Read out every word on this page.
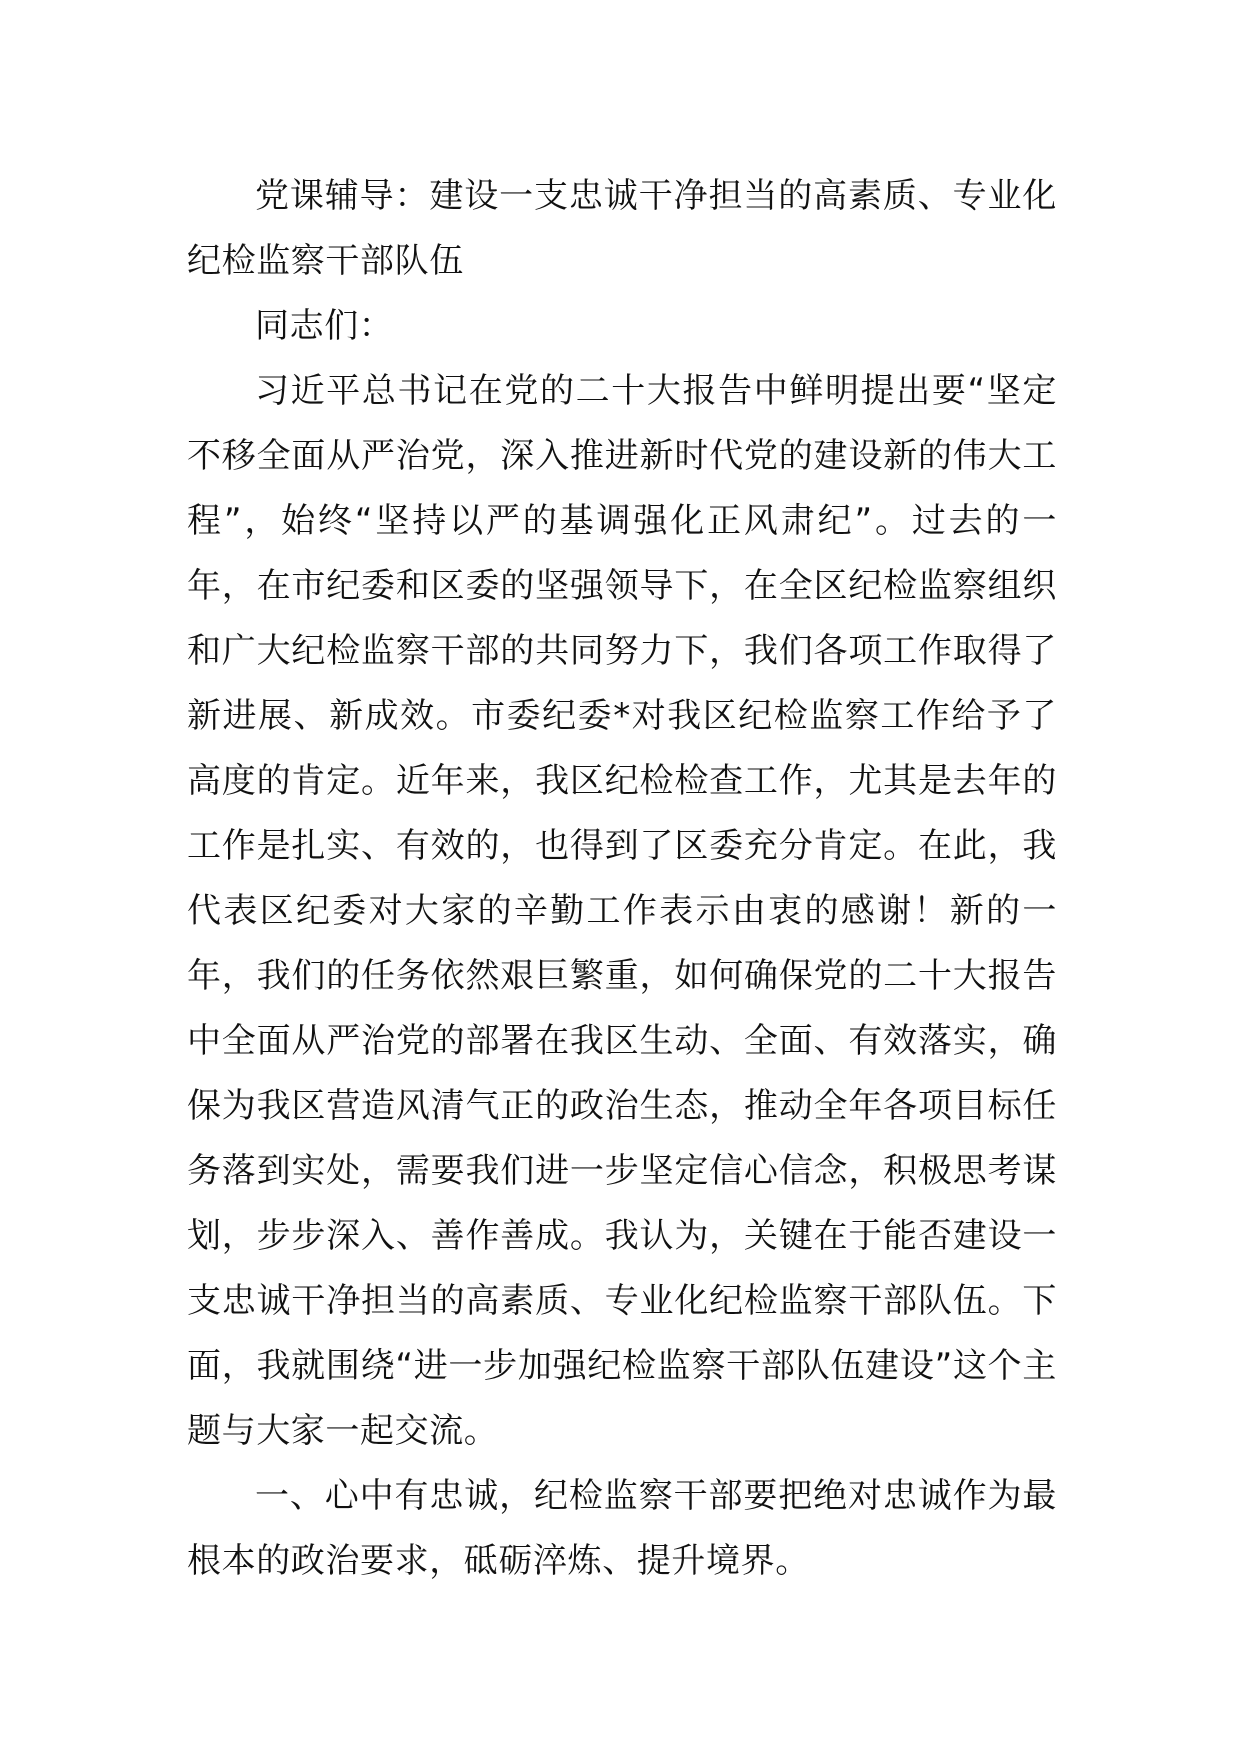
党课辅导：建设一支忠诚干净担当的高素质、专业化纪检监察干部队伍

同志们：

习近平总书记在党的二十大报告中鲜明提出要“坚定不移全面从严治党，深入推进新时代党的建设新的伟大工程”，始终“坚持以严的基调强化正风肃纪”。过去的一年，在市纪委和区委的坚强领导下，在全区纪检监察组织和广大纪检监察干部的共同努力下，我们各项工作取得了新进展、新成效。市委纪委*对我区纪检监察工作给予了高度的肯定。近年来，我区纪检检查工作，尤其是去年的工作是扎实、有效的，也得到了区委充分肯定。在此，我代表区纪委对大家的辛勤工作表示由衷的感谢！新的一年，我们的任务依然艰巨繁重，如何确保党的二十大报告中全面从严治党的部署在我区生动、全面、有效落实，确保为我区营造风清气正的政治生态，推动全年各项目标任务落到实处，需要我们进一步坚定信心信念，积极思考谋划，步步深入、善作善成。我认为，关键在于能否建设一支忠诚干净担当的高素质、专业化纪检监察干部队伍。下面，我就围绕“进一步加强纪检监察干部队伍建设”这个主题与大家一起交流。

一、心中有忠诚，纪检监察干部要把绝对忠诚作为最根本的政治要求，砥砺淬炼、提升境界。
